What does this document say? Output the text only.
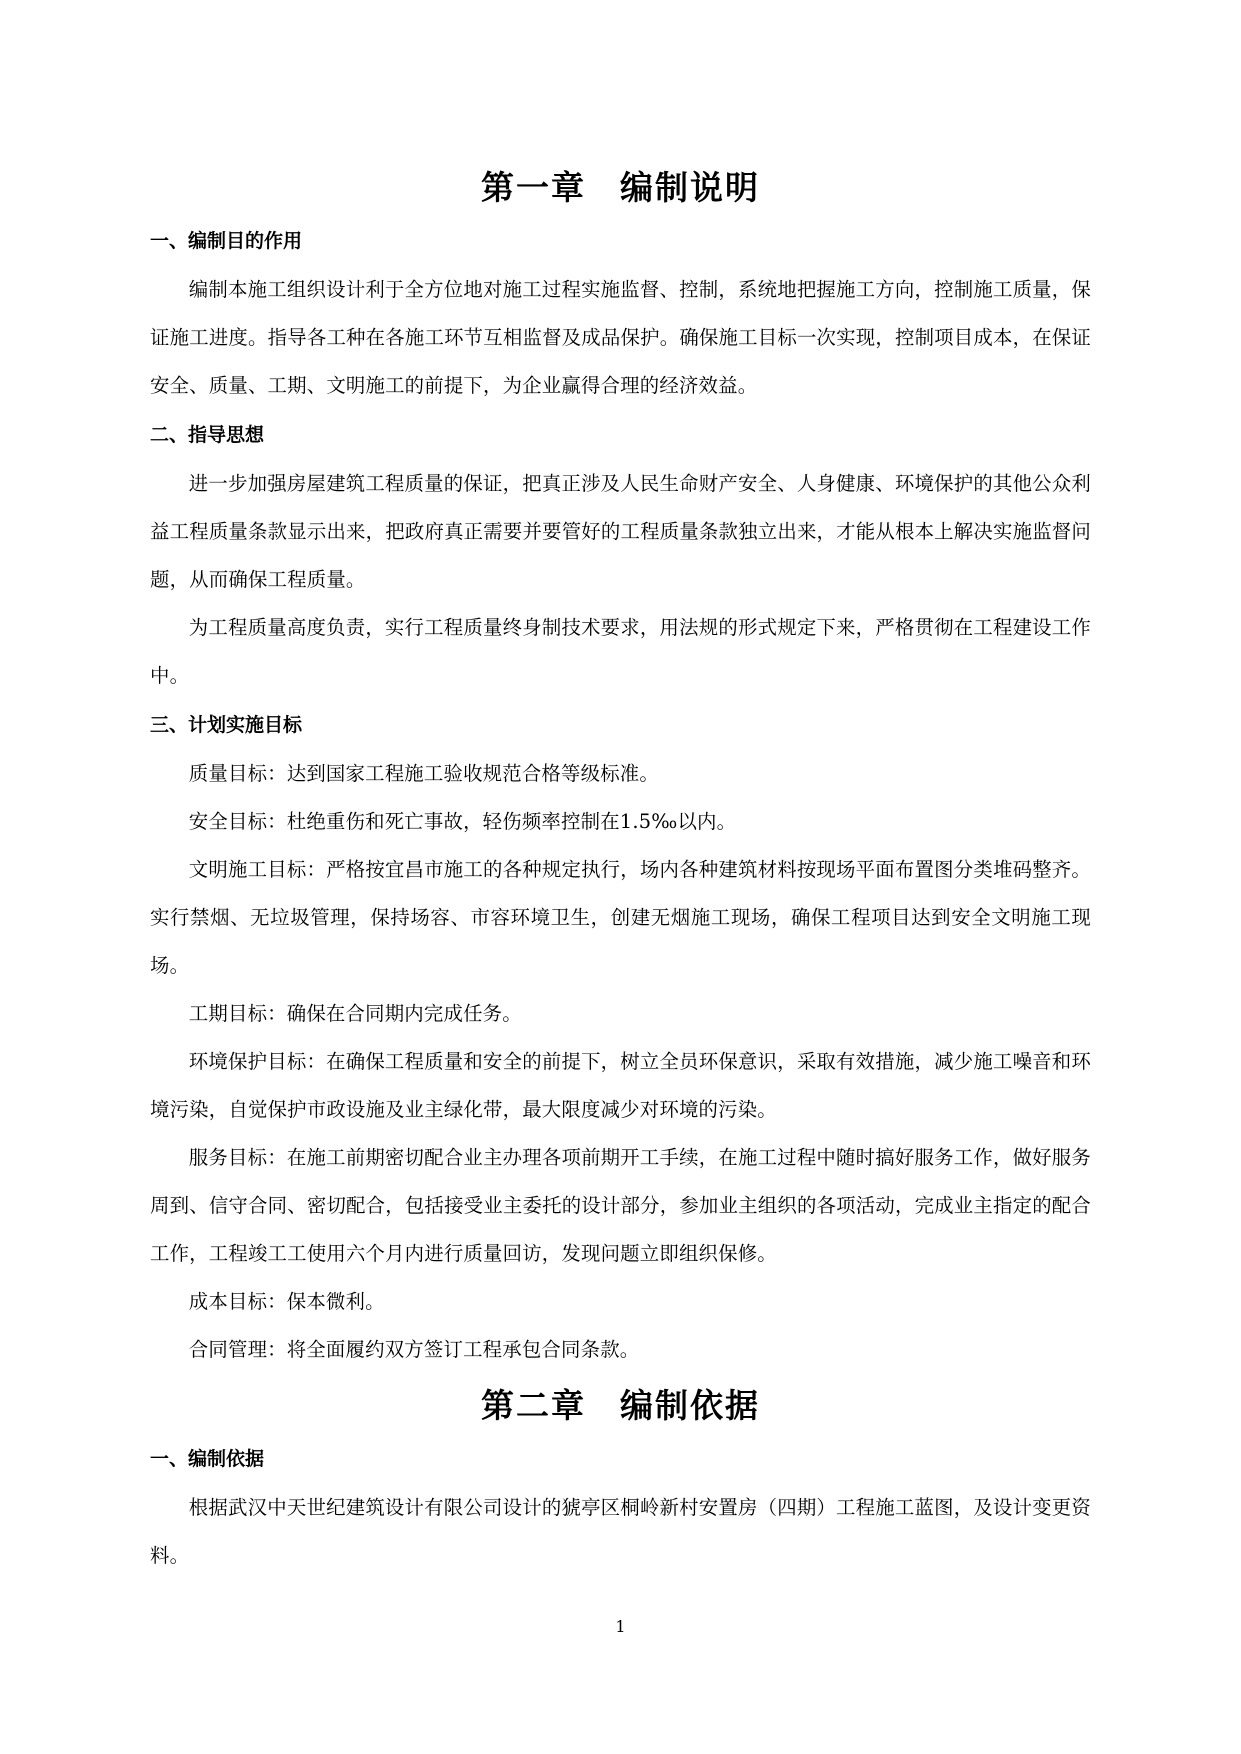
第一章 编制说明
一、编制目的作用

编制本施工组织设计利于全方位地对施工过程实施监督、控制，系统地把握施工方向，控制施工质量，保证施工进度。指导各工种在各施工环节互相监督及成品保护。确保施工目标一次实现，控制项目成本，在保证安全、质量、工期、文明施工的前提下，为企业赢得合理的经济效益。

二、指导思想

进一步加强房屋建筑工程质量的保证，把真正涉及人民生命财产安全、人身健康、环境保护的其他公众利益工程质量条款显示出来，把政府真正需要并要管好的工程质量条款独立出来，才能从根本上解决实施监督问题，从而确保工程质量。

为工程质量高度负责，实行工程质量终身制技术要求，用法规的形式规定下来，严格贯彻在工程建设工作中。

三、计划实施目标

质量目标：达到国家工程施工验收规范合格等级标准。

安全目标：杜绝重伤和死亡事故，轻伤频率控制在1.5‰以内。

文明施工目标：严格按宜昌市施工的各种规定执行，场内各种建筑材料按现场平面布置图分类堆码整齐。实行禁烟、无垃圾管理，保持场容、市容环境卫生，创建无烟施工现场，确保工程项目达到安全文明施工现场。

工期目标：确保在合同期内完成任务。

环境保护目标：在确保工程质量和安全的前提下，树立全员环保意识，采取有效措施，减少施工噪音和环境污染，自觉保护市政设施及业主绿化带，最大限度减少对环境的污染。

服务目标：在施工前期密切配合业主办理各项前期开工手续，在施工过程中随时搞好服务工作，做好服务周到、信守合同、密切配合，包括接受业主委托的设计部分，参加业主组织的各项活动，完成业主指定的配合工作，工程竣工工使用六个月内进行质量回访，发现问题立即组织保修。

成本目标：保本微利。

合同管理：将全面履约双方签订工程承包合同条款。

第二章 编制依据
一、编制依据

根据武汉中天世纪建筑设计有限公司设计的猇亭区桐岭新村安置房（四期）工程施工蓝图，及设计变更资料。

1
